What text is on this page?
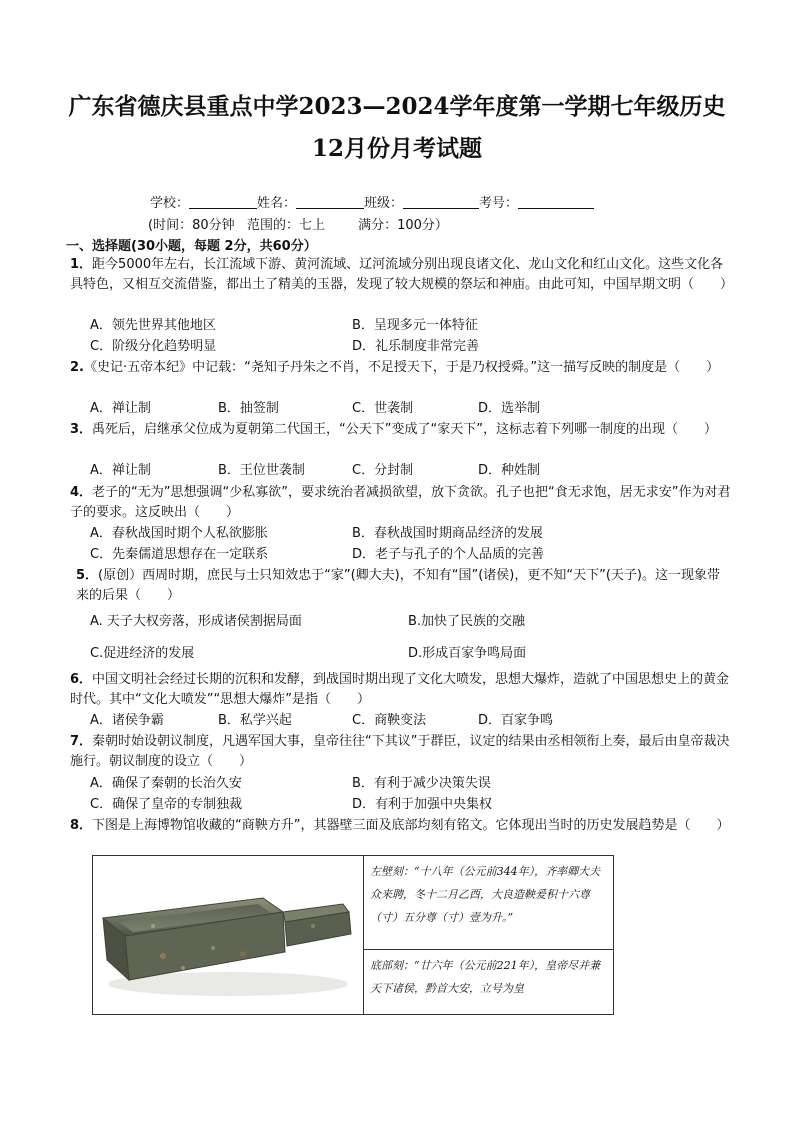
广东省德庆县重点中学2023—2024学年度第一学期七年级历史
12月份月考试题
学校：	姓名：	班级：	考号：
(时间：80分钟   范围的：七上        满分：100分）
一、选择题(30小题，每题 2分，共60分）
1．距今5000年左右，长江流域下游、黄河流域、辽河流域分别出现良诸文化、龙山文化和红山文化。这些文化各具特色，又相互交流借鉴，都出土了精美的玉器，发现了较大规模的祭坛和神庙。由此可知，中国早期文明（　　）
A．领先世界其他地区	B．呈现多元一体特征
C．阶级分化趋势明显	D．礼乐制度非常完善
2.《史记·五帝本纪》中记载：“尧知子丹朱之不肖，不足授天下，于是乃权授舜。”这一描写反映的制度是（　　）
A．禅让制	B．抽签制	C．世袭制	D．选举制
3．禹死后，启继承父位成为夏朝第二代国王，“公天下”变成了“家天下”，这标志着下列哪一制度的出现（　　）
A．禅让制	B．王位世袭制	C．分封制	D．种姓制
4．老子的“无为”思想强调“少私寡欲”，要求统治者减损欲望，放下贪欲。孔子也把“食无求饱，居无求安”作为对君子的要求。这反映出（　　）
A．春秋战国时期个人私欲膨胀	B．春秋战国时期商品经济的发展
C．先秦儒道思想存在一定联系	D．老子与孔子的个人品质的完善
5．(原创）西周时期，庶民与士只知效忠于“家”(卿大夫)，不知有“国”(诸侯)，更不知“天下”(天子)。这一现象带来的后果（　　）
A. 天子大权旁落，形成诸侯割据局面	B.加快了民族的交融
C.促进经济的发展	D.形成百家争鸣局面
6．中国文明社会经过长期的沉积和发酵，到战国时期出现了文化大喷发，思想大爆炸，造就了中国思想史上的黄金时代。其中“文化大喷发”“思想大爆炸”是指（　　）
A．诸侯争霸	B．私学兴起	C．商鞅变法	D．百家争鸣
7．秦朝时始设朝议制度，凡遇军国大事，皇帝往往“下其议”于群臣，议定的结果由丞相领衔上奏，最后由皇帝裁决施行。朝议制度的设立（　　）
A．确保了秦朝的长治久安	B．有利于减少决策失误
C．确保了皇帝的专制独裁	D．有利于加强中央集权
8．下图是上海博物馆收藏的“商鞅方升”，其器壁三面及底部均刻有铭文。它体现出当时的历史发展趋势是（　　）
左壁刻：“十八年（公元前344年），齐率卿大夫众来聘，冬十二月乙酉，大良造鞅爰积十六尊（寸）五分尊（寸）壹为升。”
底部刻：“廿六年（公元前221年），皇帝尽并兼天下诸侯，黔首大安，立号为皇
